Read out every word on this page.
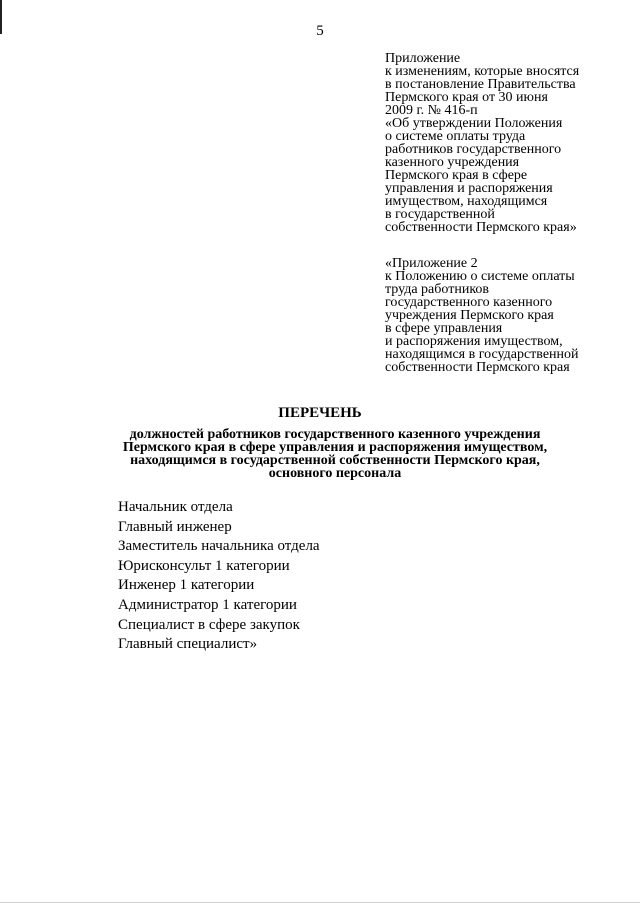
5
Приложение
к изменениям, которые вносятся
в постановление Правительства
Пермского края от 30 июня
2009 г. № 416-п
«Об утверждении Положения
о системе оплаты труда
работников государственного
казенного учреждения
Пермского края в сфере
управления и распоряжения
имуществом, находящимся
в государственной
собственности Пермского края»
«Приложение 2
к Положению о системе оплаты
труда работников
государственного казенного
учреждения Пермского края
в сфере управления
и распоряжения имуществом,
находящимся в государственной
собственности Пермского края
ПЕРЕЧЕНЬ
должностей работников государственного казенного учреждения
Пермского края в сфере управления и распоряжения имуществом,
находящимся в государственной собственности Пермского края,
основного персонала
Начальник отдела
Главный инженер
Заместитель начальника отдела
Юрисконсульт 1 категории
Инженер 1 категории
Администратор 1 категории
Специалист в сфере закупок
Главный специалист»
